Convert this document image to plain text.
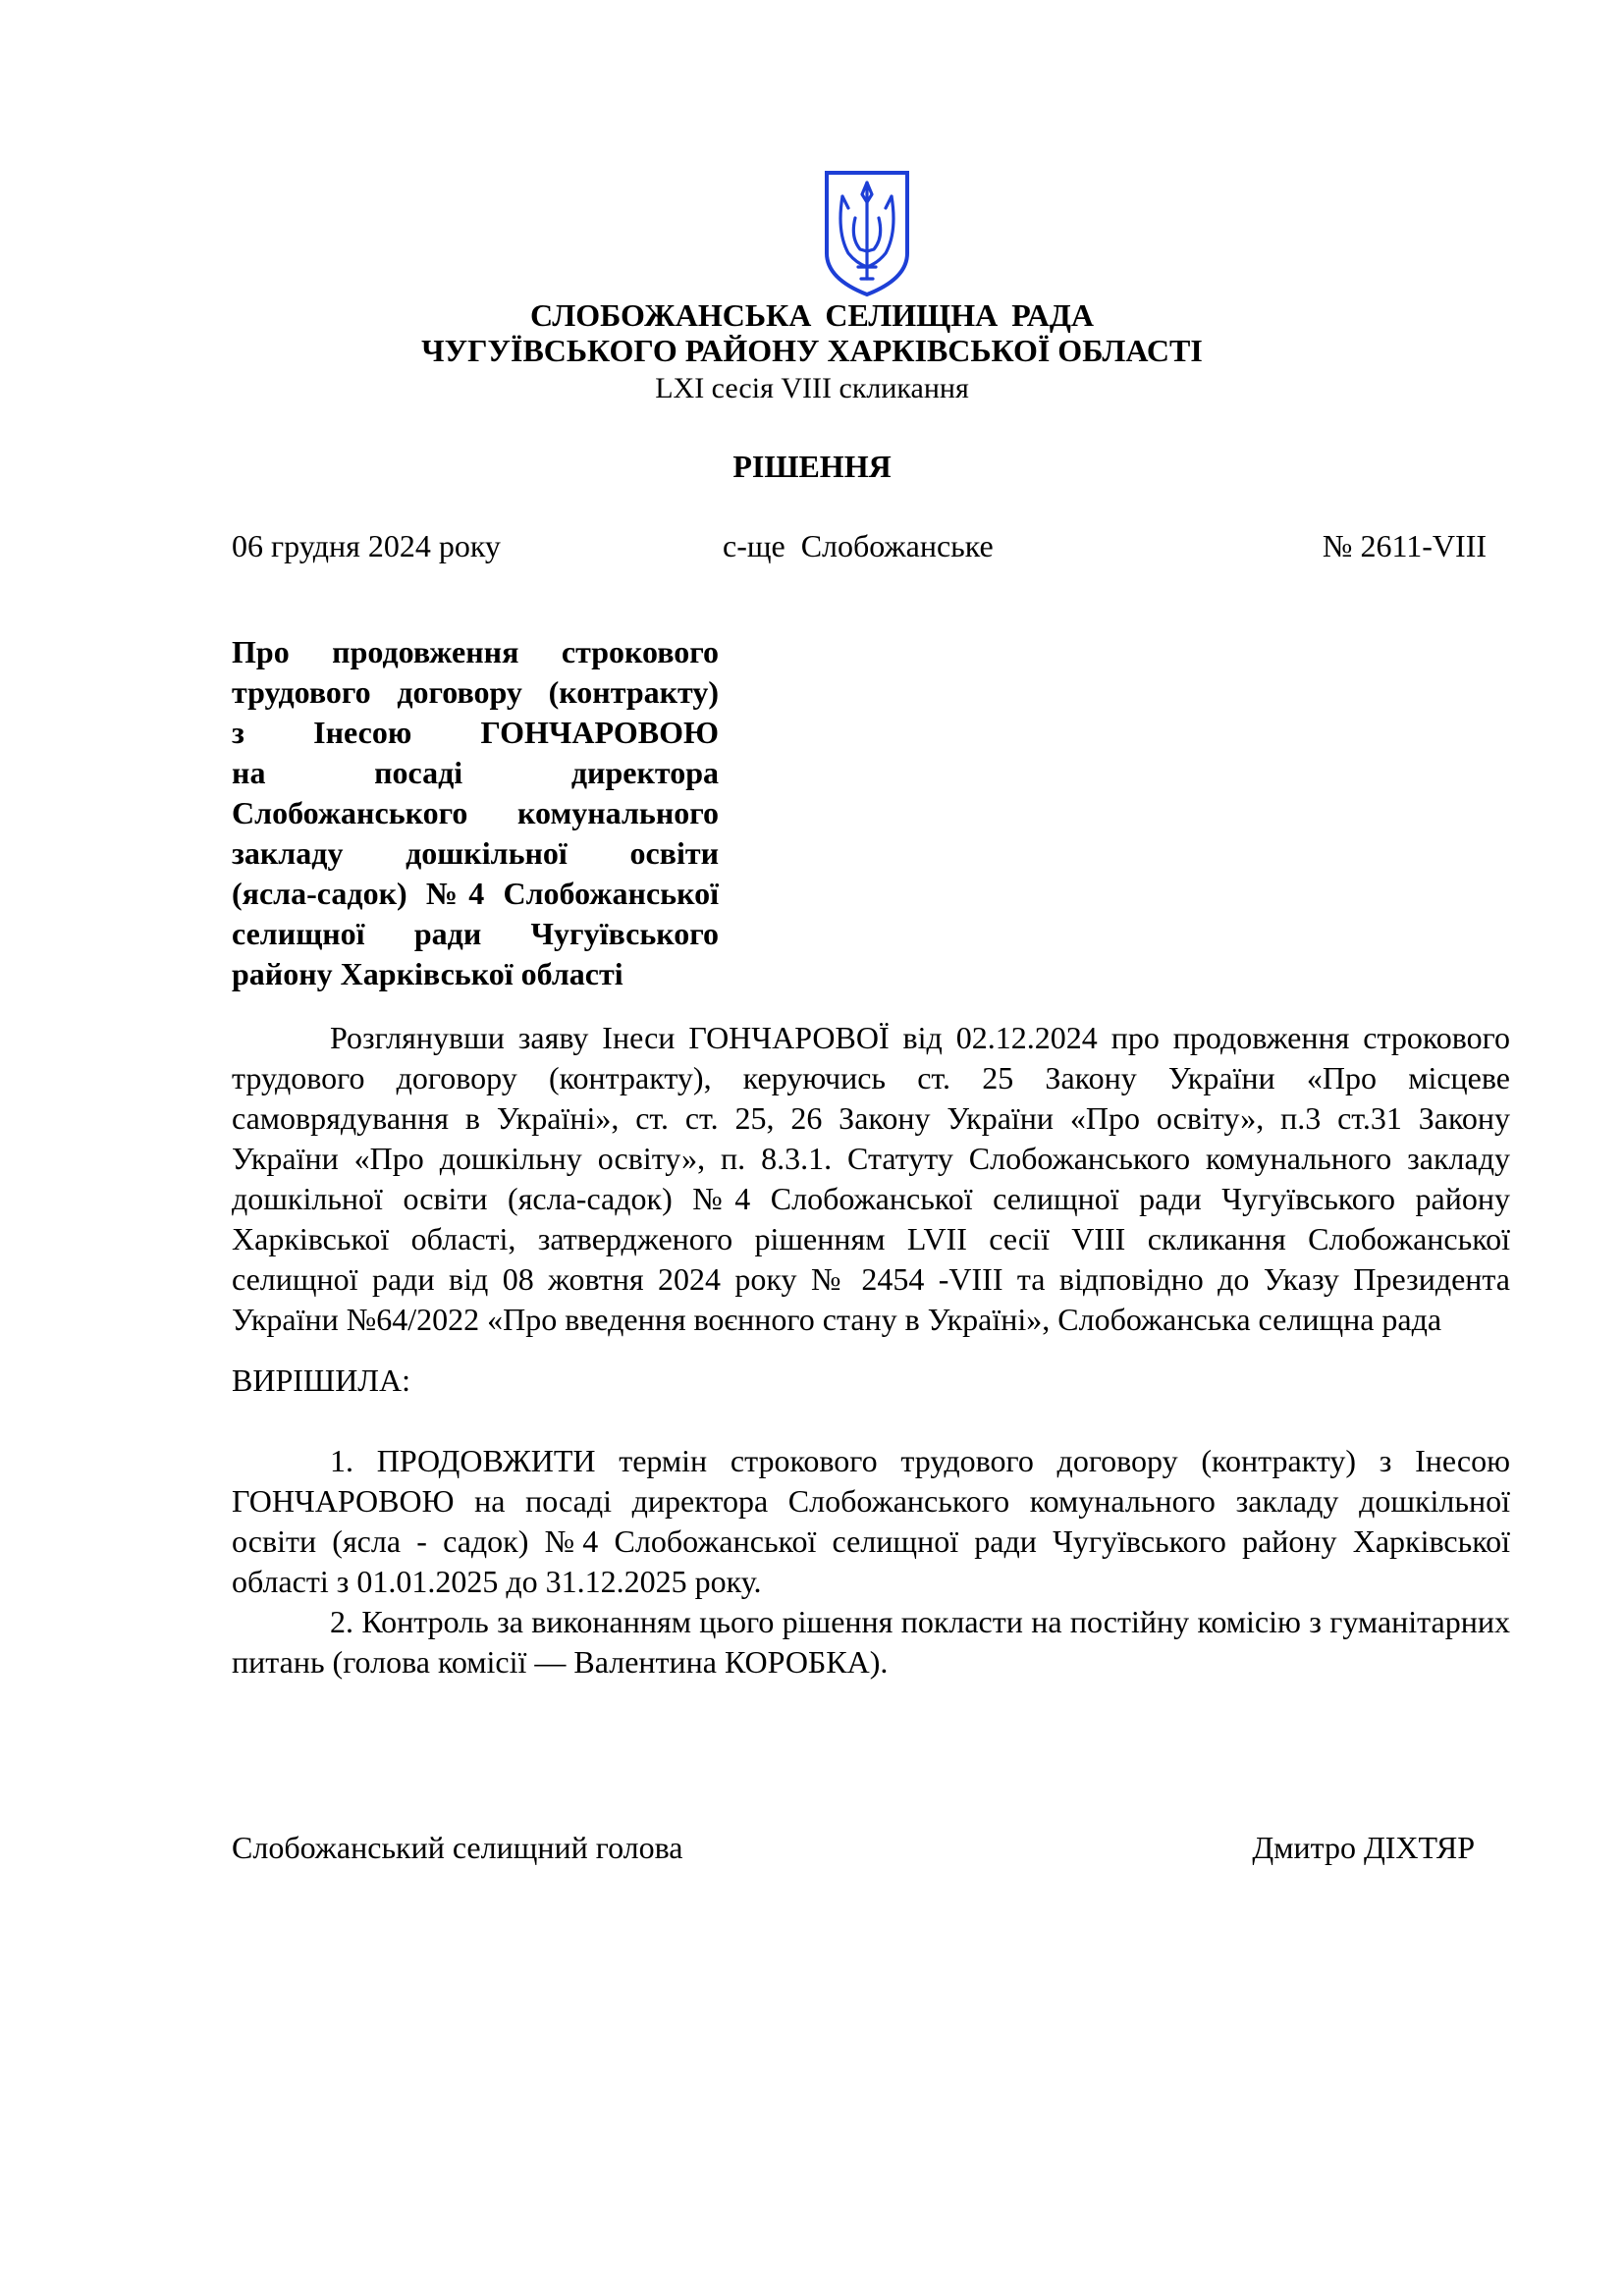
СЛОБОЖАНСЬКА СЕЛИЩНА РАДА
ЧУГУЇВСЬКОГО РАЙОНУ ХАРКІВСЬКОЇ ОБЛАСТІ
LXI сесія VIII скликання
РІШЕННЯ
06 грудня 2024 року	с-ще  Слобожанське	№ 2611-VIII
Про продовження строкового
трудового договору (контракту)
з Інесою ГОНЧАРОВОЮ
на посаді директора
Слобожанського комунального
закладу дошкільної освіти
(ясла-садок) №4 Слобожанської
селищної ради Чугуївського
району Харківської області
Розглянувши заяву Інеси ГОНЧАРОВОЇ від 02.12.2024 про продовження строкового трудового договору (контракту), керуючись ст. 25 Закону України «Про місцеве самоврядування в Україні», ст. ст. 25, 26 Закону України «Про освіту», п.3 ст.31 Закону України «Про дошкільну освіту», п. 8.3.1. Статуту Слобожанського комунального закладу дошкільної освіти (ясла-садок) №4 Слобожанської селищної ради Чугуївського району Харківської області, затвердженого рішенням LVII сесії VIII скликання Слобожанської селищної ради від 08 жовтня 2024 року № 2454 -VIII та відповідно до Указу Президента України №64/2022 «Про введення воєнного стану в Україні», Слобожанська селищна рада
ВИРІШИЛА:
1. ПРОДОВЖИТИ термін строкового трудового договору (контракту) з Інесою ГОНЧАРОВОЮ на посаді директора Слобожанського комунального закладу дошкільної освіти (ясла - садок) №4 Слобожанської селищної ради Чугуївського району Харківської області з 01.01.2025 до 31.12.2025 року.
2. Контроль за виконанням цього рішення покласти на постійну комісію з гуманітарних питань (голова комісії — Валентина КОРОБКА).
Слобожанський селищний голова	Дмитро ДІХТЯР
